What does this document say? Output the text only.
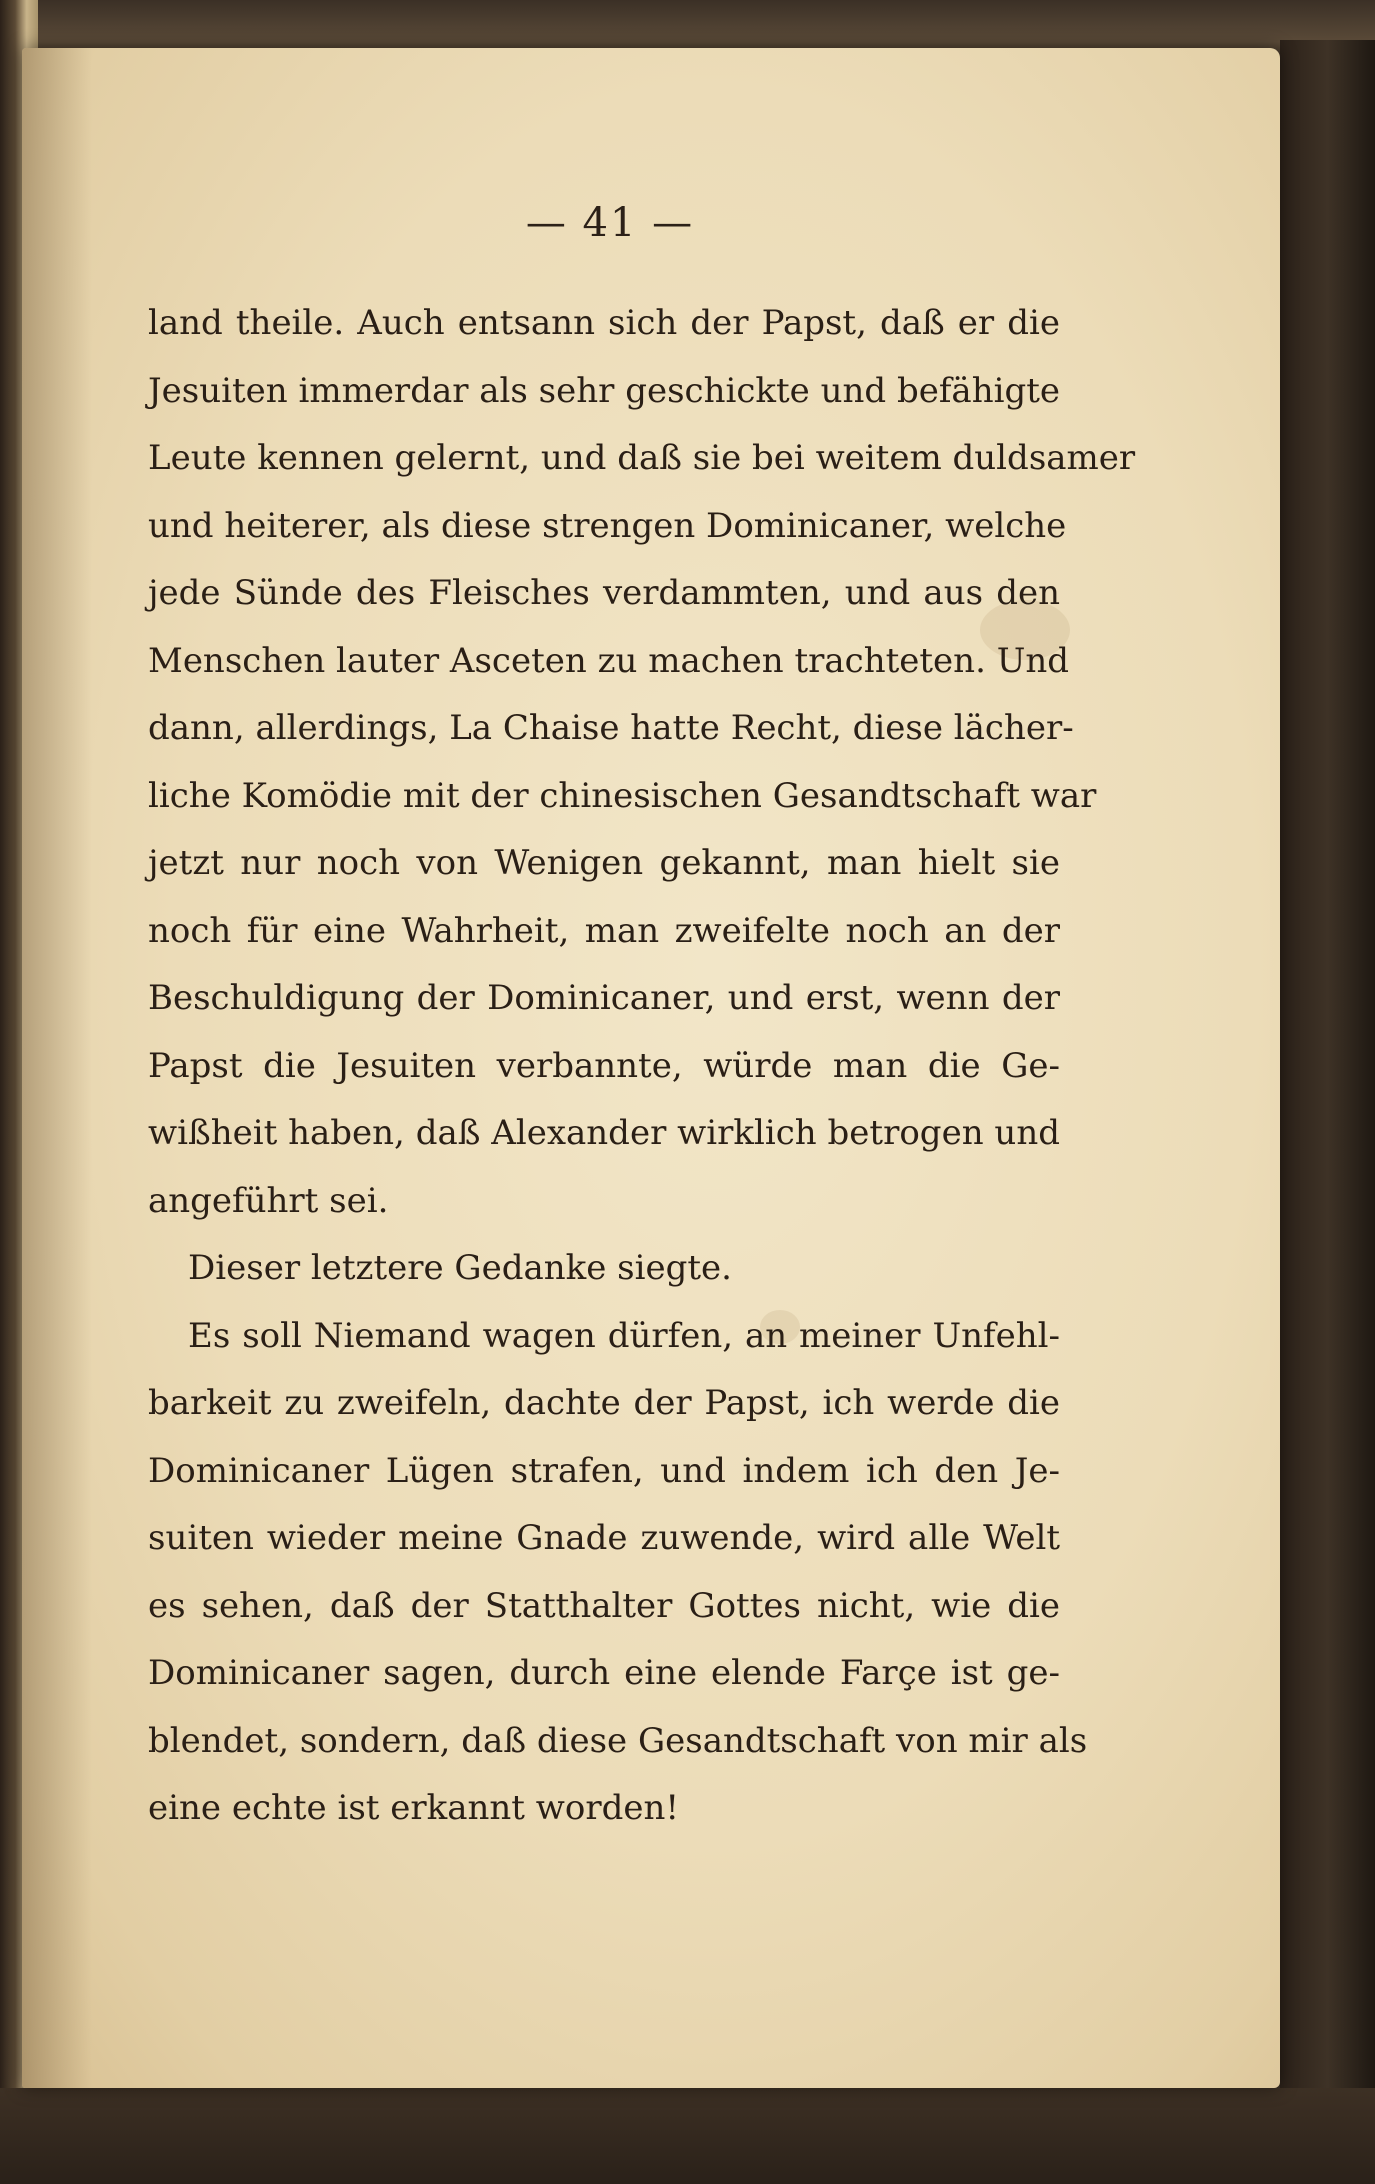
— 41 —
land theile. Auch entsann sich der Papst, daß er die
Jesuiten immerdar als sehr geschickte und befähigte
Leute kennen gelernt, und daß sie bei weitem duldsamer
und heiterer, als diese strengen Dominicaner, welche
jede Sünde des Fleisches verdammten, und aus den
Menschen lauter Asceten zu machen trachteten. Und
dann, allerdings, La Chaise hatte Recht, diese lächer-
liche Komödie mit der chinesischen Gesandtschaft war
jetzt nur noch von Wenigen gekannt, man hielt sie
noch für eine Wahrheit, man zweifelte noch an der
Beschuldigung der Dominicaner, und erst, wenn der
Papst die Jesuiten verbannte, würde man die Ge-
wißheit haben, daß Alexander wirklich betrogen und
angeführt sei.
Dieser letztere Gedanke siegte.
Es soll Niemand wagen dürfen, an meiner Unfehl-
barkeit zu zweifeln, dachte der Papst, ich werde die
Dominicaner Lügen strafen, und indem ich den Je-
suiten wieder meine Gnade zuwende, wird alle Welt
es sehen, daß der Statthalter Gottes nicht, wie die
Dominicaner sagen, durch eine elende Farçe ist ge-
blendet, sondern, daß diese Gesandtschaft von mir als
eine echte ist erkannt worden!
